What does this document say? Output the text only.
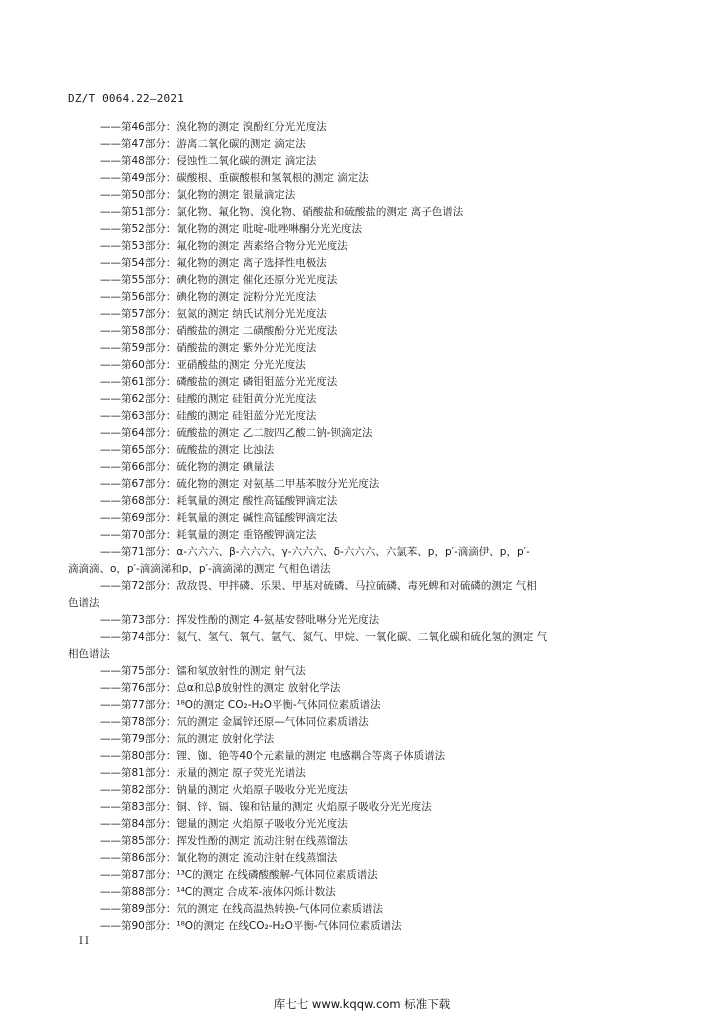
DZ/T 0064.22—2021
——第46部分：溴化物的测定 溴酚红分光光度法
——第47部分：游离二氧化碳的测定 滴定法
——第48部分：侵蚀性二氧化碳的测定 滴定法
——第49部分：碳酸根、重碳酸根和氢氧根的测定 滴定法
——第50部分：氯化物的测定 银量滴定法
——第51部分：氯化物、氟化物、溴化物、硝酸盐和硫酸盐的测定 离子色谱法
——第52部分：氰化物的测定 吡啶-吡唑啉酮分光光度法
——第53部分：氟化物的测定 茜素络合物分光光度法
——第54部分：氟化物的测定 离子选择性电极法
——第55部分：碘化物的测定 催化还原分光光度法
——第56部分：碘化物的测定 淀粉分光光度法
——第57部分：氨氮的测定 纳氏试剂分光光度法
——第58部分：硝酸盐的测定 二磺酸酚分光光度法
——第59部分：硝酸盐的测定 紫外分光光度法
——第60部分：亚硝酸盐的测定 分光光度法
——第61部分：磷酸盐的测定 磷钼钼蓝分光光度法
——第62部分：硅酸的测定 硅钼黄分光光度法
——第63部分：硅酸的测定 硅钼蓝分光光度法
——第64部分：硫酸盐的测定 乙二胺四乙酸二钠-钡滴定法
——第65部分：硫酸盐的测定 比浊法
——第66部分：硫化物的测定 碘量法
——第67部分：硫化物的测定 对氨基二甲基苯胺分光光度法
——第68部分：耗氧量的测定 酸性高锰酸钾滴定法
——第69部分：耗氧量的测定 碱性高锰酸钾滴定法
——第70部分：耗氧量的测定 重铬酸钾滴定法
——第71部分：α-六六六、β-六六六、γ-六六六、δ-六六六、六氯苯、p，p′-滴滴伊、p，p′-
滴滴滴、o，p′-滴滴涕和p，p′-滴滴涕的测定 气相色谱法
——第72部分：敌敌畏、甲拌磷、乐果、甲基对硫磷、马拉硫磷、毒死蜱和对硫磷的测定 气相
色谱法
——第73部分：挥发性酚的测定 4-氨基安替吡啉分光光度法
——第74部分：氦气、氢气、氧气、氩气、氮气、甲烷、一氧化碳、二氧化碳和硫化氢的测定 气
相色谱法
——第75部分：镭和氡放射性的测定 射气法
——第76部分：总α和总β放射性的测定 放射化学法
——第77部分：¹⁸O的测定 CO₂-H₂O平衡-气体同位素质谱法
——第78部分：氘的测定 金属锌还原—气体同位素质谱法
——第79部分：氚的测定 放射化学法
——第80部分：锂、铷、铯等40个元素量的测定 电感耦合等离子体质谱法
——第81部分：汞量的测定 原子荧光光谱法
——第82部分：钠量的测定 火焰原子吸收分光光度法
——第83部分：铜、锌、镉、镍和钴量的测定 火焰原子吸收分光光度法
——第84部分：锶量的测定 火焰原子吸收分光光度法
——第85部分：挥发性酚的测定 流动注射在线蒸馏法
——第86部分：氰化物的测定 流动注射在线蒸馏法
——第87部分：¹³C的测定 在线磷酸酸解-气体同位素质谱法
——第88部分：¹⁴C的测定 合成苯-液体闪烁计数法
——第89部分：氘的测定 在线高温热转换-气体同位素质谱法
——第90部分：¹⁸O的测定 在线CO₂-H₂O平衡-气体同位素质谱法
II
库七七 www.kqqw.com 标准下载
